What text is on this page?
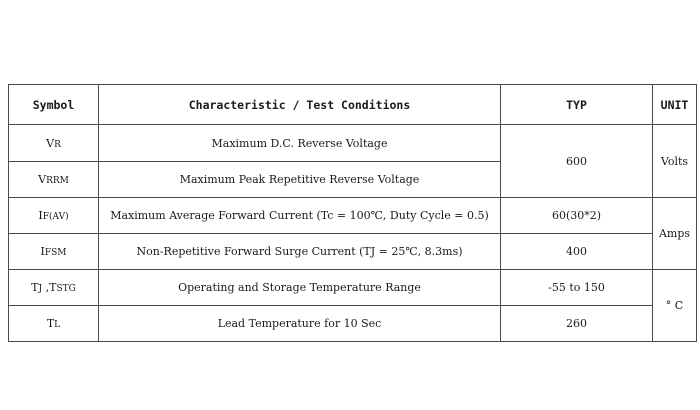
Symbol	Characteristic / Test Conditions	TYP	UNIT
VR	Maximum D.C. Reverse Voltage	600	Volts
VRRM	Maximum Peak Repetitive Reverse Voltage		
IF(AV)	Maximum Average Forward Current (Tc = 100℃, Duty Cycle = 0.5)	60(30*2)	Amps
IFSM	Non-Repetitive Forward Surge Current (TJ = 25℃, 8.3ms)	400	
TJ ,TSTG	Operating and Storage Temperature Range	-55 to 150	° C
TL	Lead Temperature for 10 Sec	260	
